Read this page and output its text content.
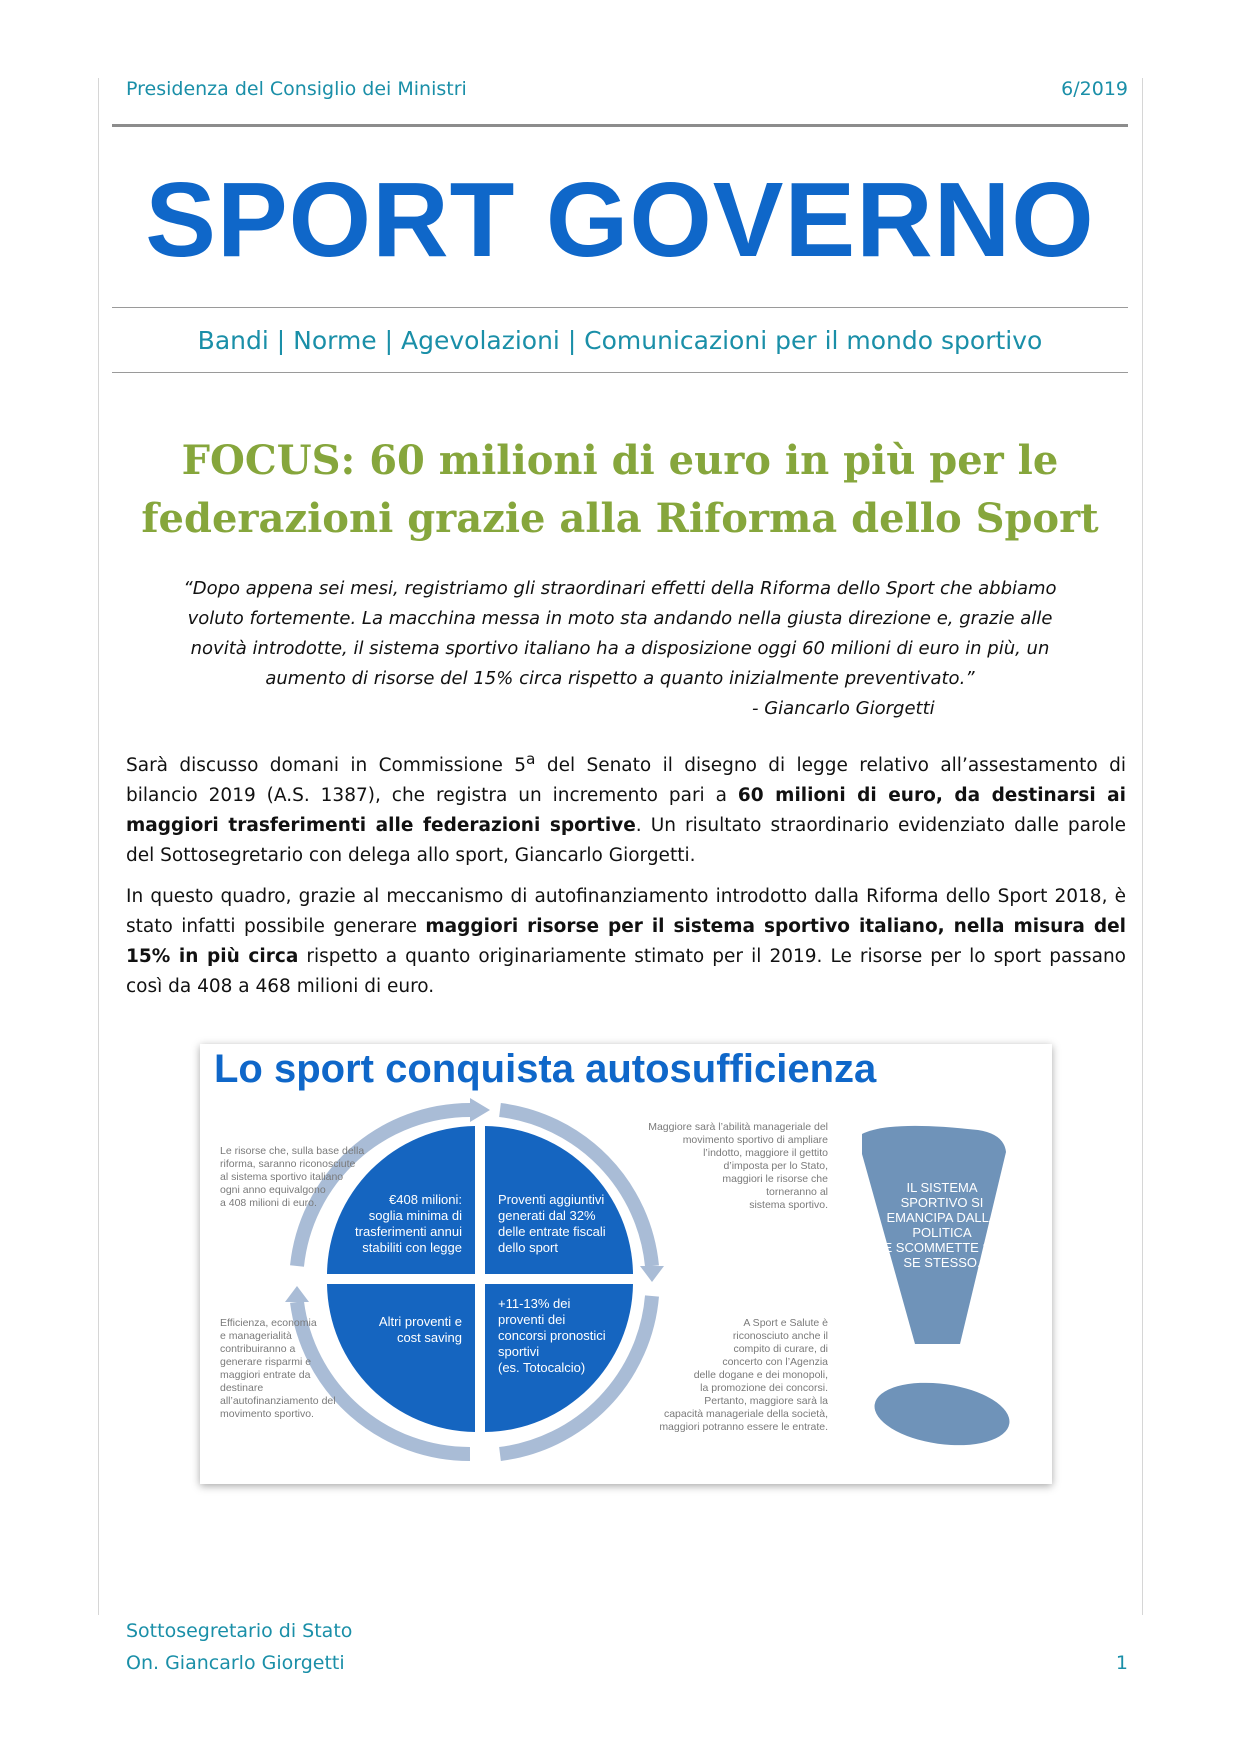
Presidenza del Consiglio dei Ministri	6/2019
SPORT GOVERNO
Bandi | Norme | Agevolazioni | Comunicazioni per il mondo sportivo
FOCUS: 60 milioni di euro in più per le
federazioni grazie alla Riforma dello Sport
“Dopo appena sei mesi, registriamo gli straordinari effetti della Riforma dello Sport che abbiamo voluto fortemente. La macchina messa in moto sta andando nella giusta direzione e, grazie alle novità introdotte, il sistema sportivo italiano ha a disposizione oggi 60 milioni di euro in più, un aumento di risorse del 15% circa rispetto a quanto inizialmente preventivato.”
- Giancarlo Giorgetti
Sarà discusso domani in Commissione 5$^a$ del Senato il disegno di legge relativo all’assestamento di bilancio 2019 (A.S. 1387), che registra un incremento pari a 60 milioni di euro, da destinarsi ai maggiori trasferimenti alle federazioni sportive. Un risultato straordinario evidenziato dalle parole del Sottosegretario con delega allo sport, Giancarlo Giorgetti.
In questo quadro, grazie al meccanismo di autofinanziamento introdotto dalla Riforma dello Sport 2018, è stato infatti possibile generare maggiori risorse per il sistema sportivo italiano, nella misura del 15% in più circa rispetto a quanto originariamente stimato per il 2019. Le risorse per lo sport passano così da 408 a 468 milioni di euro.
Lo sport conquista autosufficienza
€408 milioni:
soglia minima di
trasferimenti annui
stabiliti con legge
Proventi aggiuntivi
generati dal 32%
delle entrate fiscali
dello sport
Altri proventi e
cost saving
+11-13% dei
proventi dei
concorsi pronostici
sportivi
(es. Totocalcio)
Le risorse che, sulla base della
riforma, saranno riconosciute
al sistema sportivo italiano
ogni anno equivalgono
a 408 milioni di euro.
Maggiore sarà l’abilità manageriale del
movimento sportivo di ampliare
l’indotto, maggiore il gettito
d’imposta per lo Stato,
maggiori le risorse che
torneranno al
sistema sportivo.
Efficienza, economia
e managerialità
contribuiranno a
generare risparmi e
maggiori entrate da
destinare
all’autofinanziamento del
movimento sportivo.
A Sport e Salute è
riconosciuto anche il
compito di curare, di
concerto con l’Agenzia
delle dogane e dei monopoli,
la promozione dei concorsi.
Pertanto, maggiore sarà la
capacità manageriale della società,
maggiori potranno essere le entrate.
IL SISTEMA
SPORTIVO SI
EMANCIPA DALLA
POLITICA
E SCOMMETTE SU
SE STESSO.
Sottosegretario di Stato
On. Giancarlo Giorgetti	1
